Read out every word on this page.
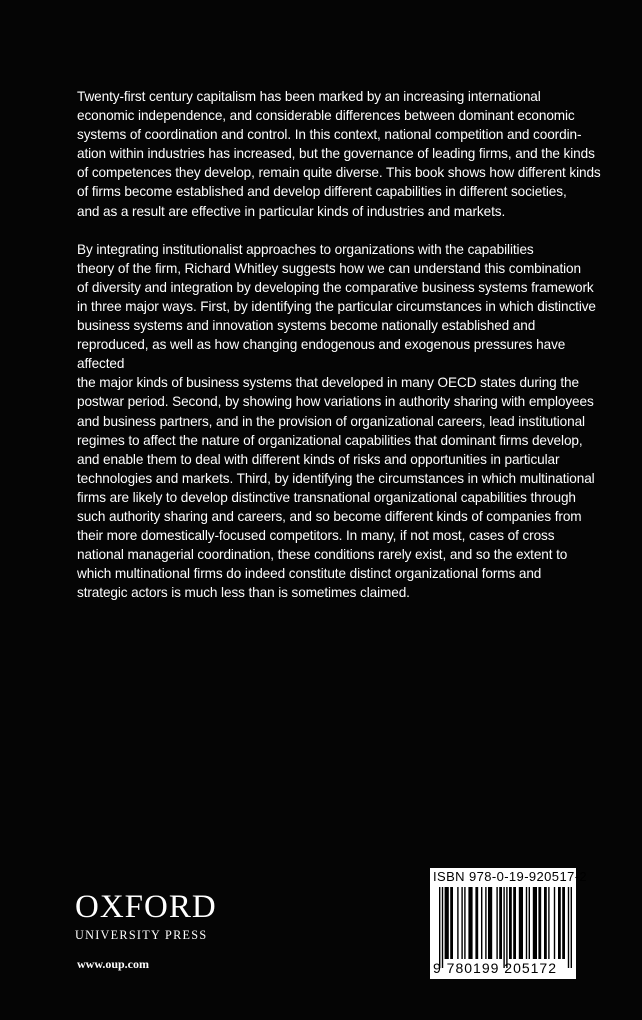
Twenty-first century capitalism has been marked by an increasing international
economic independence, and considerable differences between dominant economic
systems of coordination and control. In this context, national competition and coordin-
ation within industries has increased, but the governance of leading firms, and the kinds
of competences they develop, remain quite diverse. This book shows how different kinds
of firms become established and develop different capabilities in different societies,
and as a result are effective in particular kinds of industries and markets.

By integrating institutionalist approaches to organizations with the capabilities
theory of the firm, Richard Whitley suggests how we can understand this combination
of diversity and integration by developing the comparative business systems framework
in three major ways. First, by identifying the particular circumstances in which distinctive
business systems and innovation systems become nationally established and
reproduced, as well as how changing endogenous and exogenous pressures have
affected
the major kinds of business systems that developed in many OECD states during the
postwar period. Second, by showing how variations in authority sharing with employees
and business partners, and in the provision of organizational careers, lead institutional
regimes to affect the nature of organizational capabilities that dominant firms develop,
and enable them to deal with different kinds of risks and opportunities in particular
technologies and markets. Third, by identifying the circumstances in which multinational
firms are likely to develop distinctive transnational organizational capabilities through
such authority sharing and careers, and so become different kinds of companies from
their more domestically-focused competitors. In many, if not most, cases of cross
national managerial coordination, these conditions rarely exist, and so the extent to
which multinational firms do indeed constitute distinct organizational forms and
strategic actors is much less than is sometimes claimed.

OXFORD
UNIVERSITY PRESS
www.oup.com
ISBN 978-0-19-920517-2
9 780199 205172
